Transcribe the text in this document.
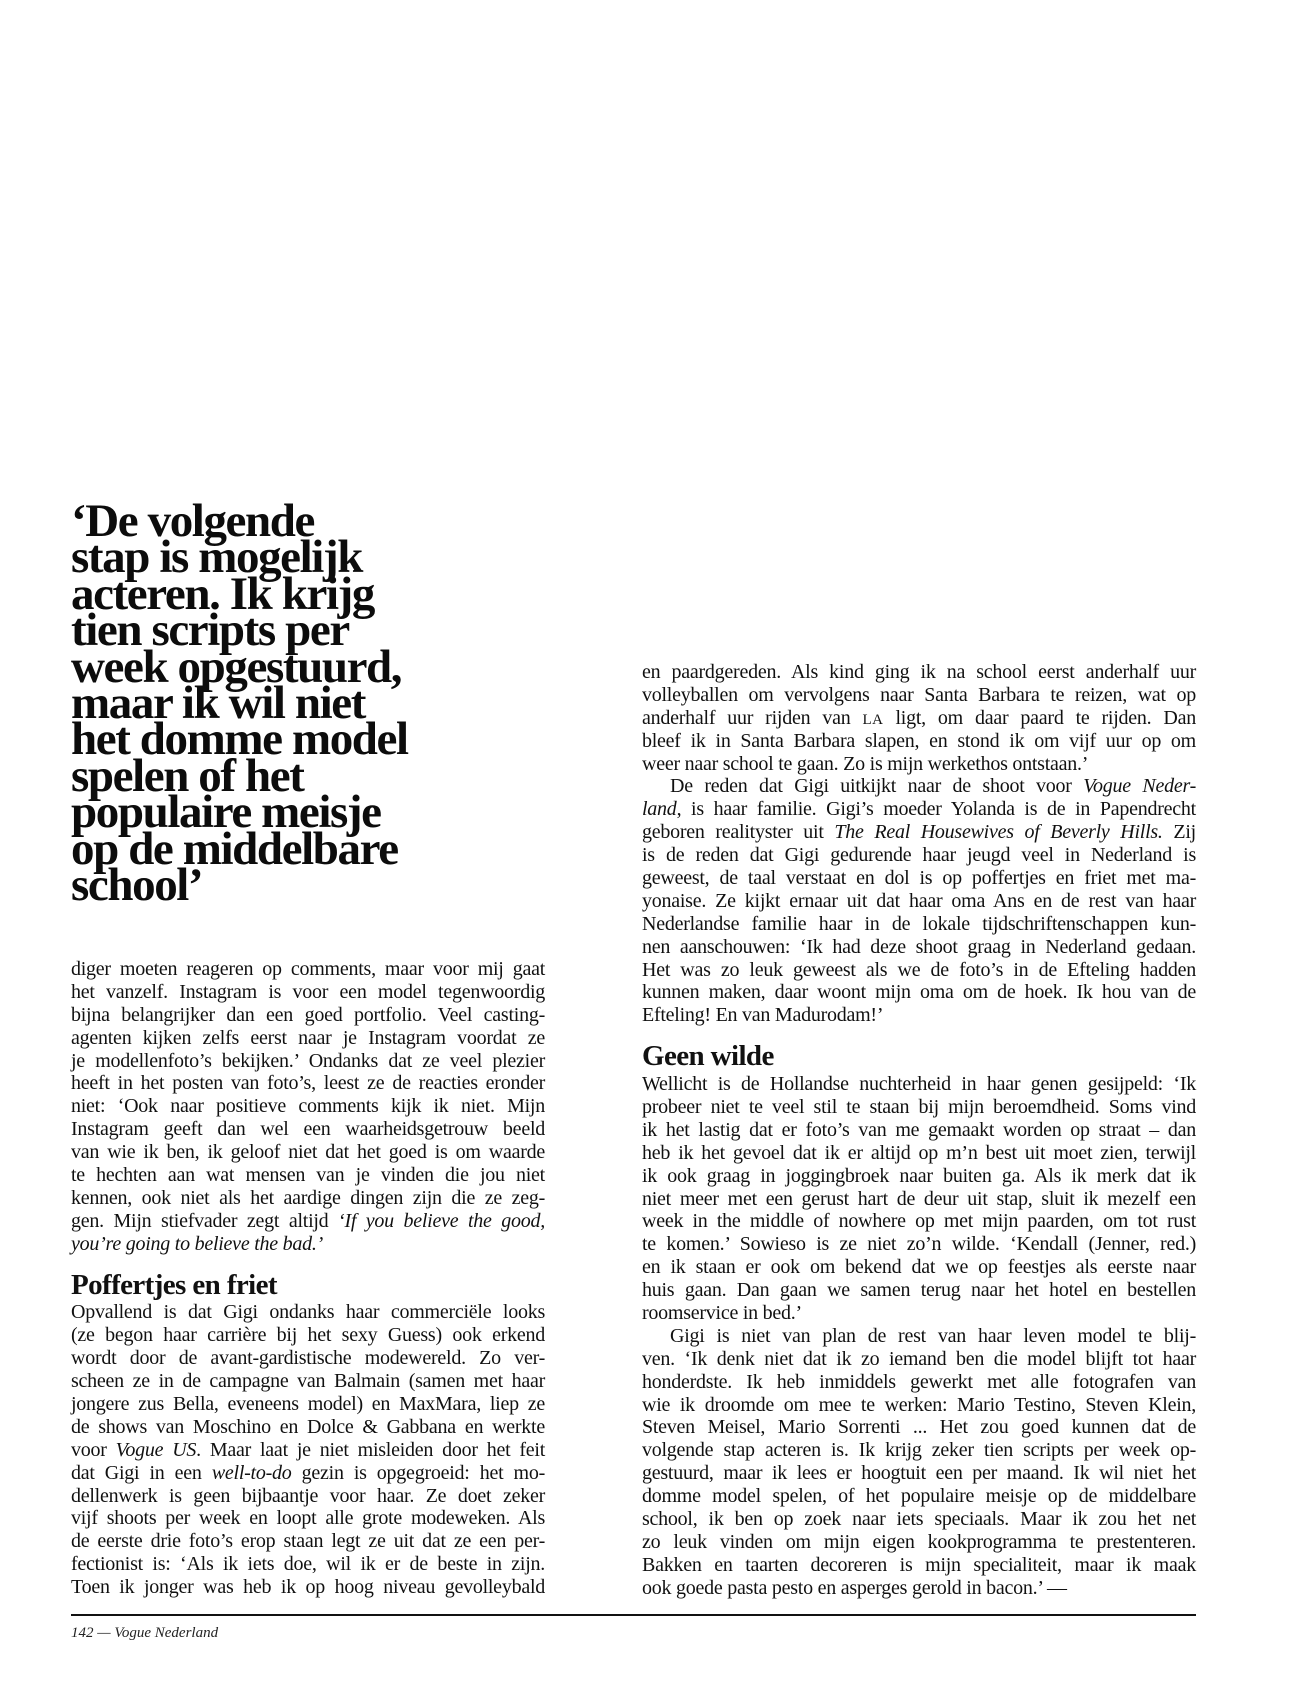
‘De volgende
stap is mogelijk
acteren. Ik krijg
tien scripts per
week opgestuurd,
maar ik wil niet
het domme model
spelen of het
populaire meisje
op de middelbare
school’
diger moeten reageren op comments, maar voor mij gaat
het vanzelf. Instagram is voor een model tegenwoordig
bijna belangrijker dan een goed portfolio. Veel casting-
agenten kijken zelfs eerst naar je Instagram voordat ze
je modellenfoto’s bekijken.’ Ondanks dat ze veel plezier
heeft in het posten van foto’s, leest ze de reacties eronder
niet: ‘Ook naar positieve comments kijk ik niet. Mijn
Instagram geeft dan wel een waarheidsgetrouw beeld
van wie ik ben, ik geloof niet dat het goed is om waarde
te hechten aan wat mensen van je vinden die jou niet
kennen, ook niet als het aardige dingen zijn die ze zeg-
gen. Mijn stiefvader zegt altijd ‘If you believe the good,
you’re going to believe the bad.’
Poffertjes en friet
Opvallend is dat Gigi ondanks haar commerciële looks
(ze begon haar carrière bij het sexy Guess) ook erkend
wordt door de avant-gardistische modewereld. Zo ver-
scheen ze in de campagne van Balmain (samen met haar
jongere zus Bella, eveneens model) en MaxMara, liep ze
de shows van Moschino en Dolce & Gabbana en werkte
voor Vogue US. Maar laat je niet misleiden door het feit
dat Gigi in een well-to-do gezin is opgegroeid: het mo-
dellenwerk is geen bijbaantje voor haar. Ze doet zeker
vijf shoots per week en loopt alle grote modeweken. Als
de eerste drie foto’s erop staan legt ze uit dat ze een per-
fectionist is: ‘Als ik iets doe, wil ik er de beste in zijn.
Toen ik jonger was heb ik op hoog niveau gevolleybald
en paardgereden. Als kind ging ik na school eerst anderhalf uur
volleyballen om vervolgens naar Santa Barbara te reizen, wat op
anderhalf uur rijden van LA ligt, om daar paard te rijden. Dan
bleef ik in Santa Barbara slapen, en stond ik om vijf uur op om
weer naar school te gaan. Zo is mijn werkethos ontstaan.’
De reden dat Gigi uitkijkt naar de shoot voor Vogue Neder-
land, is haar familie. Gigi’s moeder Yolanda is de in Papendrecht
geboren realityster uit The Real Housewives of Beverly Hills. Zij
is de reden dat Gigi gedurende haar jeugd veel in Nederland is
geweest, de taal verstaat en dol is op poffertjes en friet met ma-
yonaise. Ze kijkt ernaar uit dat haar oma Ans en de rest van haar
Nederlandse familie haar in de lokale tijdschriftenschappen kun-
nen aanschouwen: ‘Ik had deze shoot graag in Nederland gedaan.
Het was zo leuk geweest als we de foto’s in de Efteling hadden
kunnen maken, daar woont mijn oma om de hoek. Ik hou van de
Efteling! En van Madurodam!’
Geen wilde
Wellicht is de Hollandse nuchterheid in haar genen gesijpeld: ‘Ik
probeer niet te veel stil te staan bij mijn beroemdheid. Soms vind
ik het lastig dat er foto’s van me gemaakt worden op straat – dan
heb ik het gevoel dat ik er altijd op m’n best uit moet zien, terwijl
ik ook graag in joggingbroek naar buiten ga. Als ik merk dat ik
niet meer met een gerust hart de deur uit stap, sluit ik mezelf een
week in the middle of nowhere op met mijn paarden, om tot rust
te komen.’ Sowieso is ze niet zo’n wilde. ‘Kendall (Jenner, red.)
en ik staan er ook om bekend dat we op feestjes als eerste naar
huis gaan. Dan gaan we samen terug naar het hotel en bestellen
roomservice in bed.’
Gigi is niet van plan de rest van haar leven model te blij-
ven. ‘Ik denk niet dat ik zo iemand ben die model blijft tot haar
honderdste. Ik heb inmiddels gewerkt met alle fotografen van
wie ik droomde om mee te werken: Mario Testino, Steven Klein,
Steven Meisel, Mario Sorrenti ... Het zou goed kunnen dat de
volgende stap acteren is. Ik krijg zeker tien scripts per week op-
gestuurd, maar ik lees er hoogtuit een per maand. Ik wil niet het
domme model spelen, of het populaire meisje op de middelbare
school, ik ben op zoek naar iets speciaals. Maar ik zou het net
zo leuk vinden om mijn eigen kookprogramma te prestenteren.
Bakken en taarten decoreren is mijn specialiteit, maar ik maak
ook goede pasta pesto en asperges gerold in bacon.’ —
142 — Vogue Nederland
